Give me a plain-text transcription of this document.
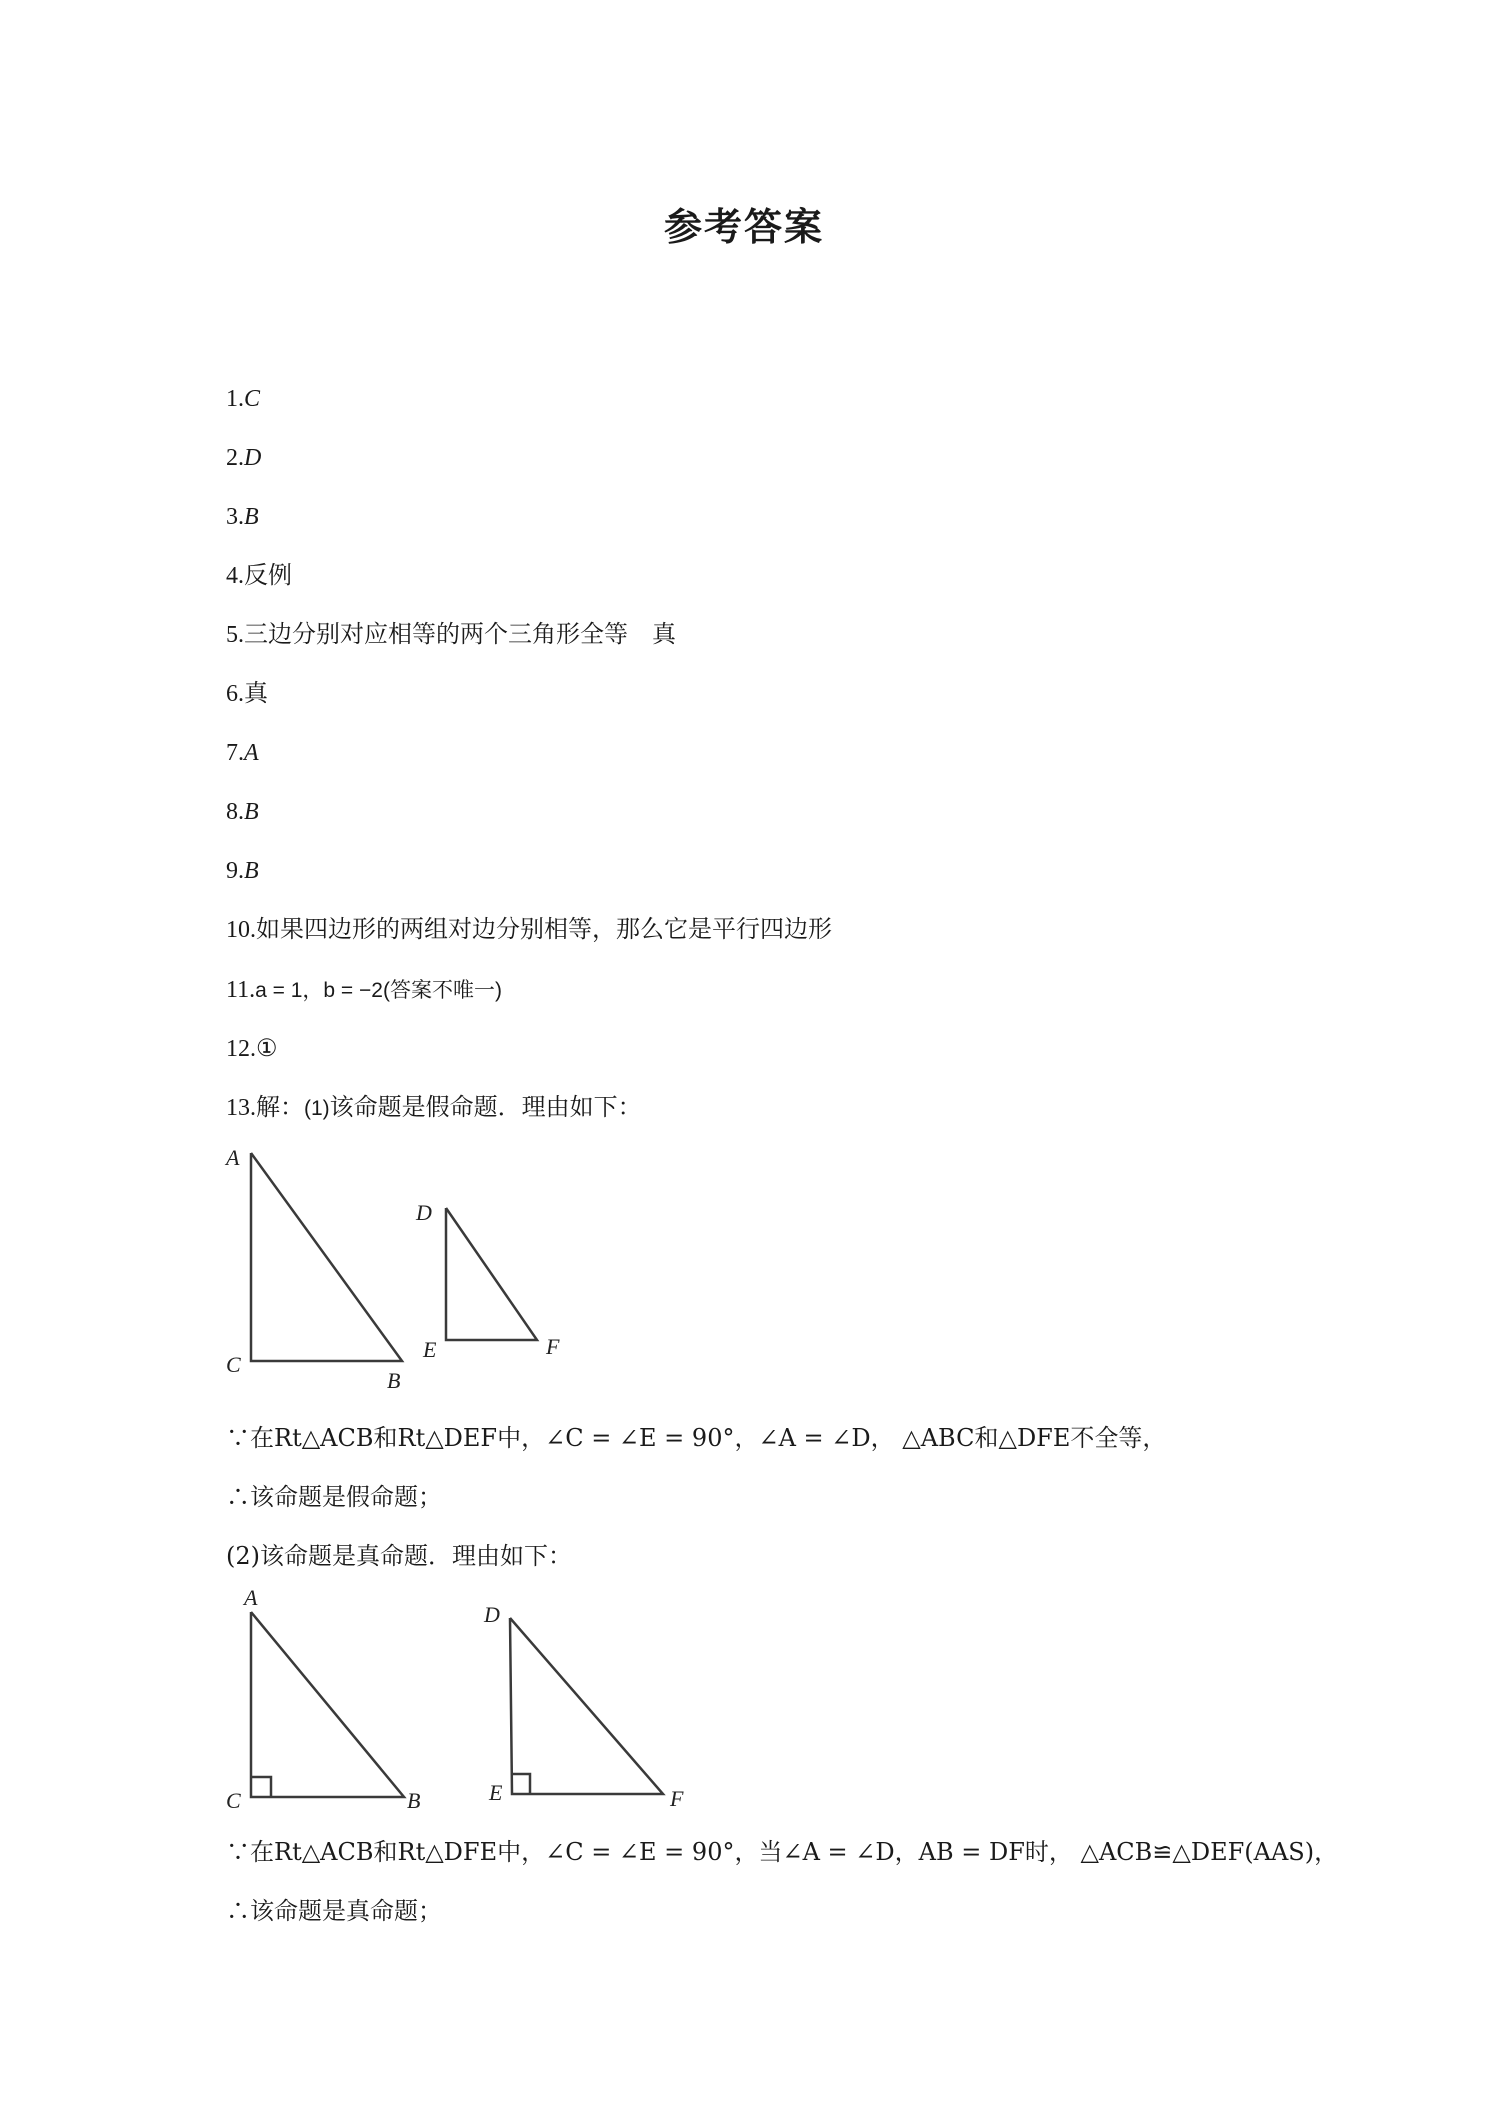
参考答案
1.C
2.D
3.B
4.反例
5.三边分别对应相等的两个三角形全等　真
6.真
7.A
8.B
9.B
10.如果四边形的两组对边分别相等，那么它是平行四边形
11.a = 1，b = −2(答案不唯一)
12.①
13.解：(1)该命题是假命题．理由如下：
A
C
B
D
E	F
∵在Rt△ACB和Rt△DEF中，∠C = ∠E = 90°，∠A = ∠D， △ABC和△DFE不全等，
∴该命题是假命题；
(2)该命题是真命题．理由如下：
A
C	B
D
E	F
∵在Rt△ACB和Rt△DFE中，∠C = ∠E = 90°，当∠A = ∠D，AB = DF时， △ACB≌△DEF(AAS)，
∴该命题是真命题；
